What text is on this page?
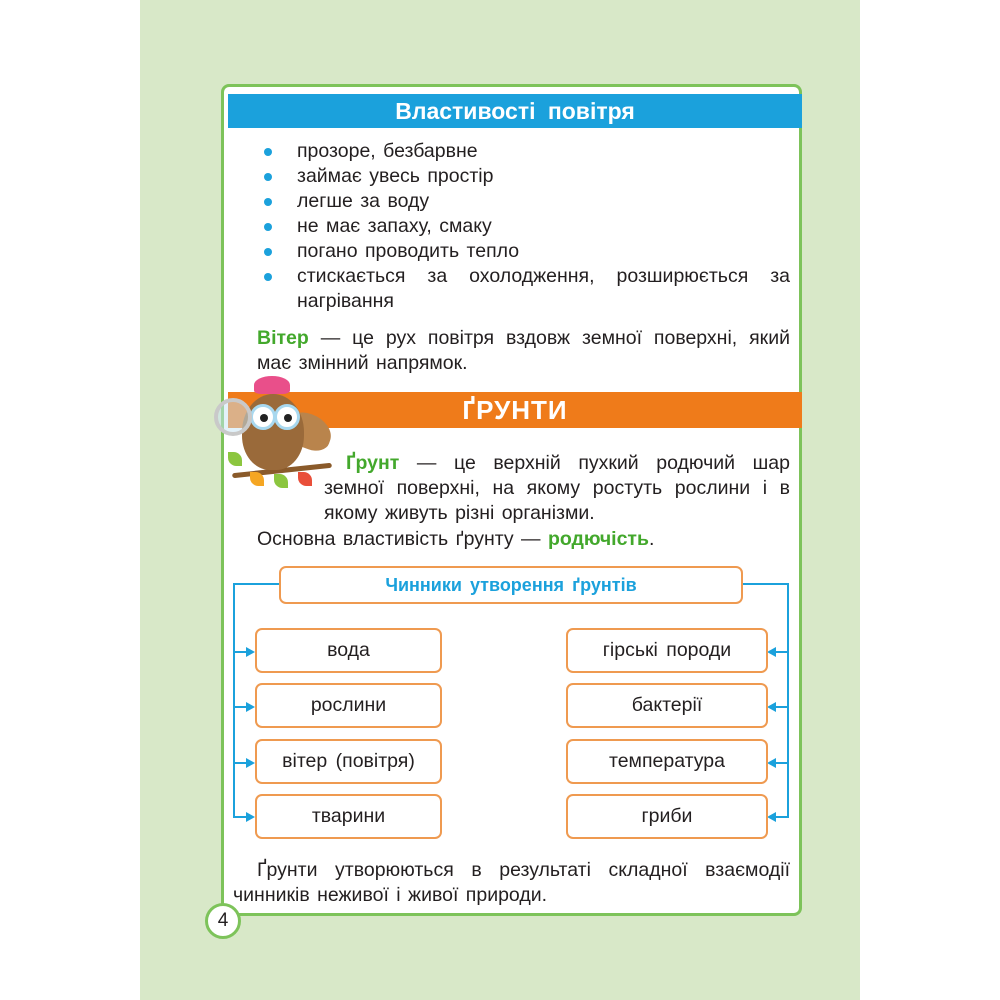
Властивості повітря
прозоре, безбарвне
займає увесь простір
легше за воду
не має запаху, смаку
погано проводить тепло
стискається за охолодження, розширюється за нагрівання

Вітер — це рух повітря вздовж земної поверхні, який має змінний напрямок.

ҐРУНТИ

Ґрунт — це верхній пухкий родючий шар земної поверхні, на якому ростуть рослини і в якому живуть різні організми.

Основна властивість ґрунту — родючість.

Чинники утворення ґрунтів
вода
рослини
вітер (повітря)
тварини
гірські породи
бактерії
температура
гриби

Ґрунти утворюються в результаті складної взаємодії чинників неживої і живої природи.

4
